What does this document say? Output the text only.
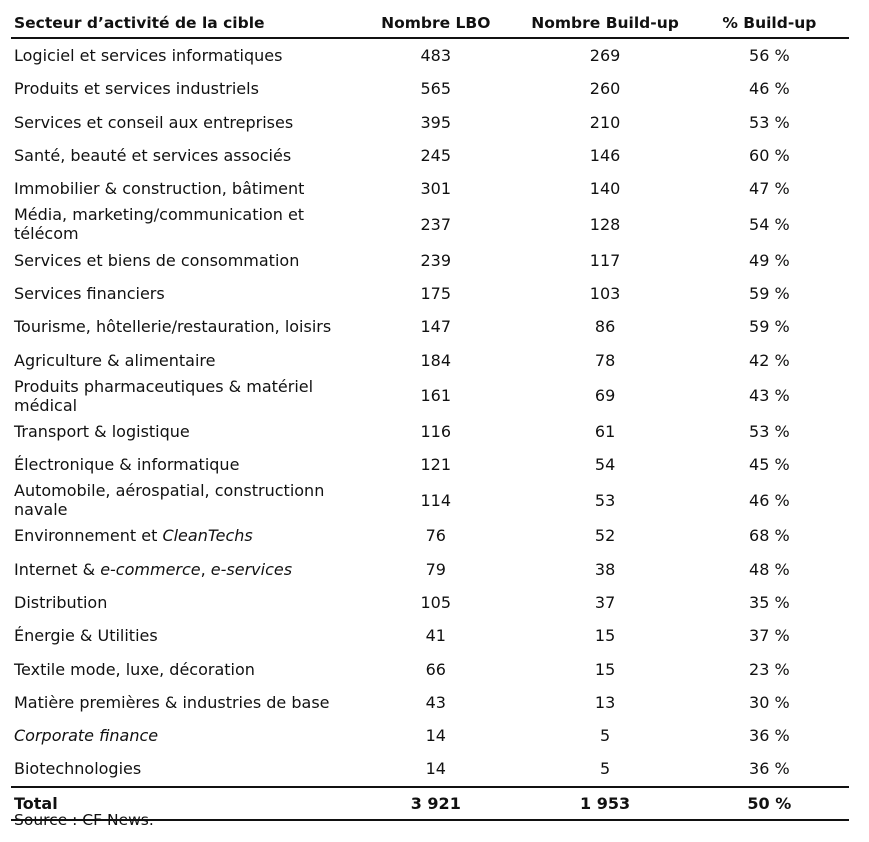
Secteur d’activité de la cible	Nombre LBO	Nombre Build-up	% Build-up
Logiciel et services informatiques	483	269	56 %
Produits et services industriels	565	260	46 %
Services et conseil aux entreprises	395	210	53 %
Santé, beauté et services associés	245	146	60 %
Immobilier & construction, bâtiment	301	140	47 %
Média, marketing/communication et télécom	237	128	54 %
Services et biens de consommation	239	117	49 %
Services financiers	175	103	59 %
Tourisme, hôtellerie/restauration, loisirs	147	86	59 %
Agriculture & alimentaire	184	78	42 %
Produits pharmaceutiques & matériel médical	161	69	43 %
Transport & logistique	116	61	53 %
Électronique & informatique	121	54	45 %
Automobile, aérospatial, constructionn navale	114	53	46 %
Environnement et CleanTechs	76	52	68 %
Internet & e-commerce, e-services	79	38	48 %
Distribution	105	37	35 %
Énergie & Utilities	41	15	37 %
Textile mode, luxe, décoration	66	15	23 %
Matière premières & industries de base	43	13	30 %
Corporate finance	14	5	36 %
Biotechnologies	14	5	36 %
Total	3 921	1 953	50 %
Source : CF News.
